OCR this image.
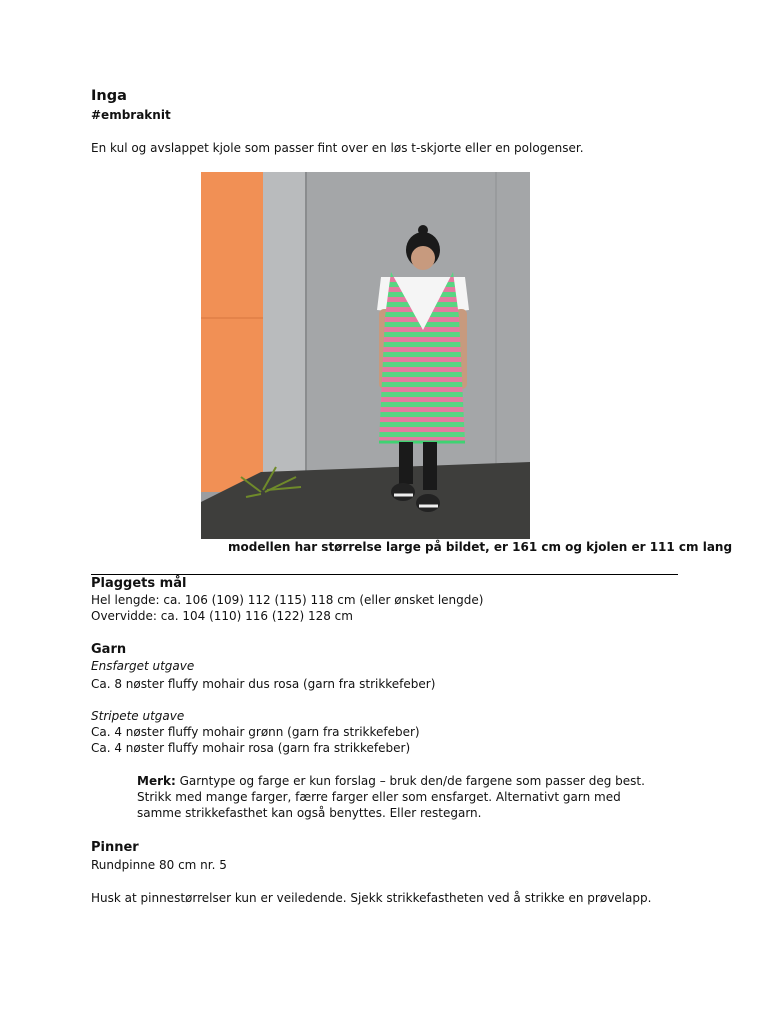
Inga
#embraknit
En kul og avslappet kjole som passer fint over en løs t-skjorte eller en pologenser.
modellen har størrelse large på bildet, er 161 cm og kjolen er 111 cm lang
Plaggets mål
Hel lengde: ca. 106 (109) 112 (115) 118 cm (eller ønsket lengde)
Overvidde: ca. 104 (110) 116 (122) 128 cm
Garn
Ensfarget utgave
Ca. 8 nøster fluffy mohair dus rosa (garn fra strikkefeber)
Stripete utgave
Ca. 4 nøster fluffy mohair grønn (garn fra strikkefeber)
Ca. 4 nøster fluffy mohair rosa (garn fra strikkefeber)
Merk: Garntype og farge er kun forslag – bruk den/de fargene som passer deg best. Strikk med mange farger, færre farger eller som ensfarget. Alternativt garn med samme strikkefasthet kan også benyttes. Eller restegarn.
Pinner
Rundpinne 80 cm nr. 5
Husk at pinnestørrelser kun er veiledende. Sjekk strikkefastheten ved å strikke en prøvelapp.
